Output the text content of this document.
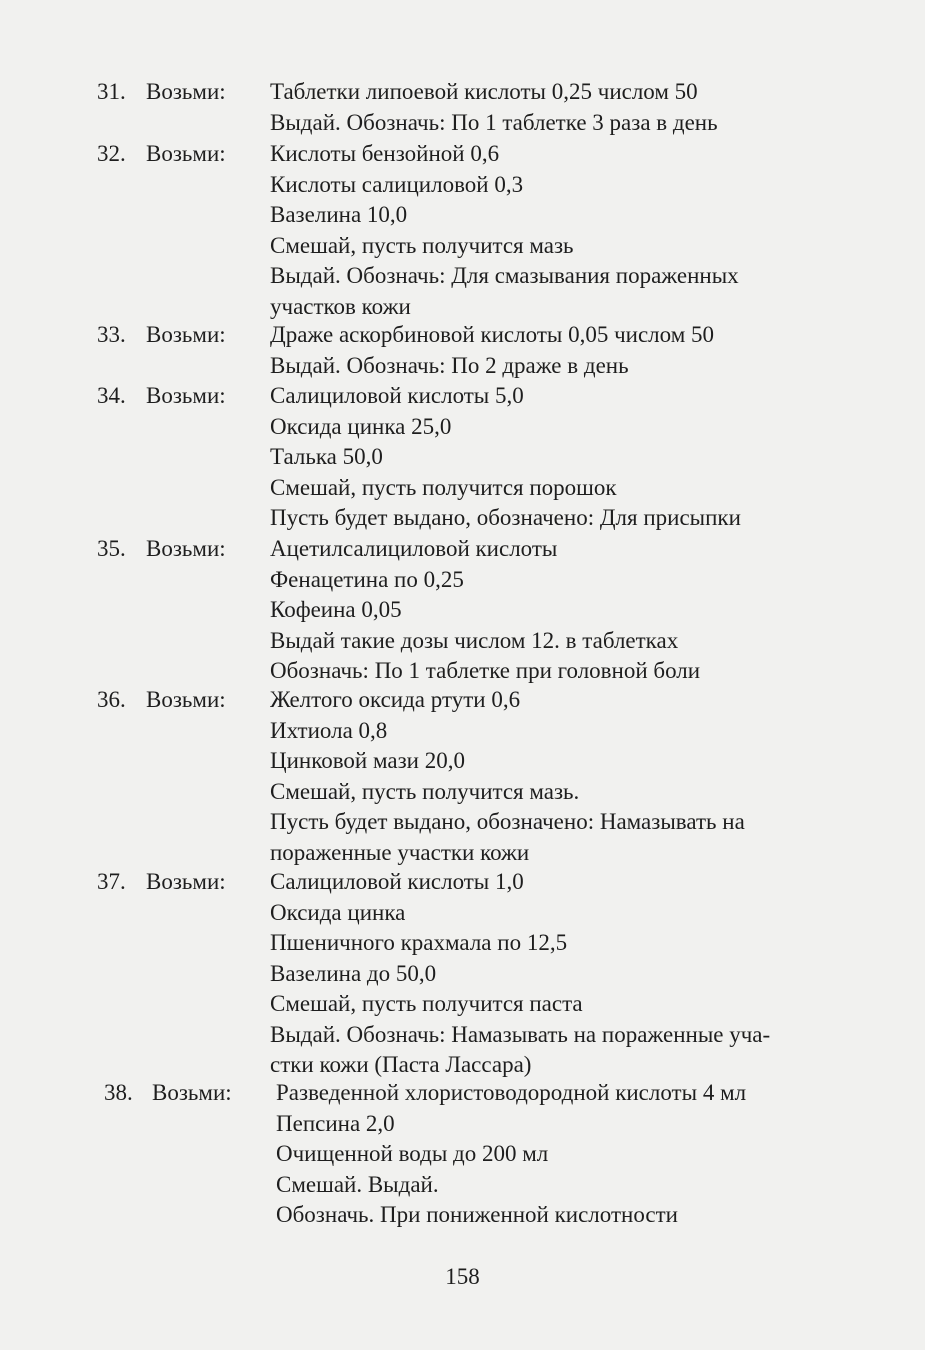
31. Возьми: Таблетки липоевой кислоты 0,25 числом 50
Выдай. Обозначь: По 1 таблетке 3 раза в день
32. Возьми: Кислоты бензойной 0,6
Кислоты салициловой 0,3
Вазелина 10,0
Смешай, пусть получится мазь
Выдай. Обозначь: Для смазывания пораженных
участков кожи
33. Возьми: Драже аскорбиновой кислоты 0,05 числом 50
Выдай. Обозначь: По 2 драже в день
34. Возьми: Салициловой кислоты 5,0
Оксида цинка 25,0
Талька 50,0
Смешай, пусть получится порошок
Пусть будет выдано, обозначено: Для присыпки
35. Возьми: Ацетилсалициловой кислоты
Фенацетина по 0,25
Кофеина 0,05
Выдай такие дозы числом 12. в таблетках
Обозначь: По 1 таблетке при головной боли
36. Возьми: Желтого оксида ртути 0,6
Ихтиола 0,8
Цинковой мази 20,0
Смешай, пусть получится мазь.
Пусть будет выдано, обозначено: Намазывать на
пораженные участки кожи
37. Возьми: Салициловой кислоты 1,0
Оксида цинка
Пшеничного крахмала по 12,5
Вазелина до 50,0
Смешай, пусть получится паста
Выдай. Обозначь: Намазывать на пораженные уча-
стки кожи (Паста Лассара)
38. Возьми: Разведенной хлористоводородной кислоты 4 мл
Пепсина 2,0
Очищенной воды до 200 мл
Смешай. Выдай.
Обозначь. При пониженной кислотности
158
